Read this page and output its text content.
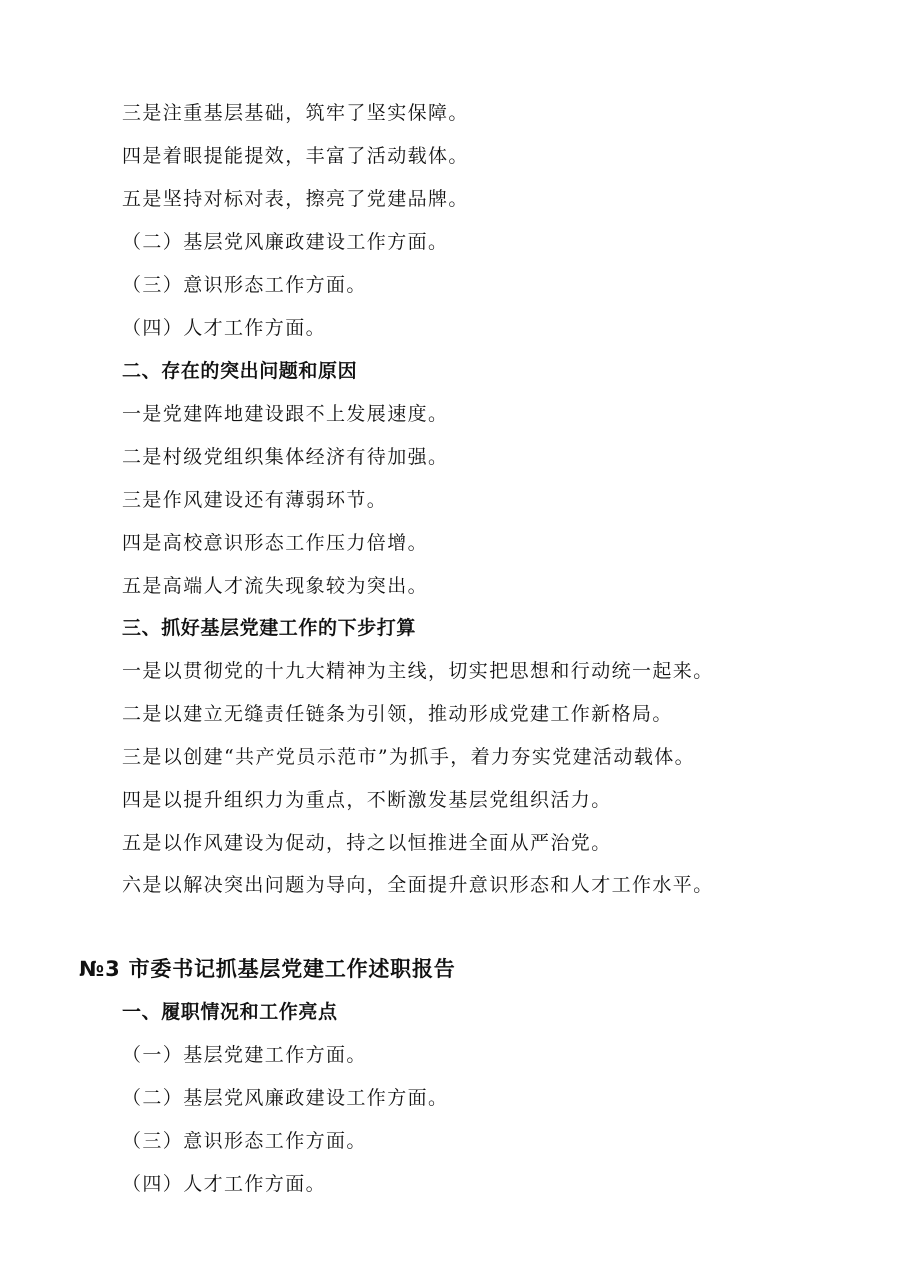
三是注重基层基础，筑牢了坚实保障。
四是着眼提能提效，丰富了活动载体。
五是坚持对标对表，擦亮了党建品牌。
（二）基层党风廉政建设工作方面。
（三）意识形态工作方面。
（四）人才工作方面。
二、存在的突出问题和原因
一是党建阵地建设跟不上发展速度。
二是村级党组织集体经济有待加强。
三是作风建设还有薄弱环节。
四是高校意识形态工作压力倍增。
五是高端人才流失现象较为突出。
三、抓好基层党建工作的下步打算
一是以贯彻党的十九大精神为主线，切实把思想和行动统一起来。
二是以建立无缝责任链条为引领，推动形成党建工作新格局。
三是以创建“共产党员示范市”为抓手，着力夯实党建活动载体。
四是以提升组织力为重点，不断激发基层党组织活力。
五是以作风建设为促动，持之以恒推进全面从严治党。
六是以解决突出问题为导向，全面提升意识形态和人才工作水平。
№3 市委书记抓基层党建工作述职报告
一、履职情况和工作亮点
（一）基层党建工作方面。
（二）基层党风廉政建设工作方面。
（三）意识形态工作方面。
（四）人才工作方面。
